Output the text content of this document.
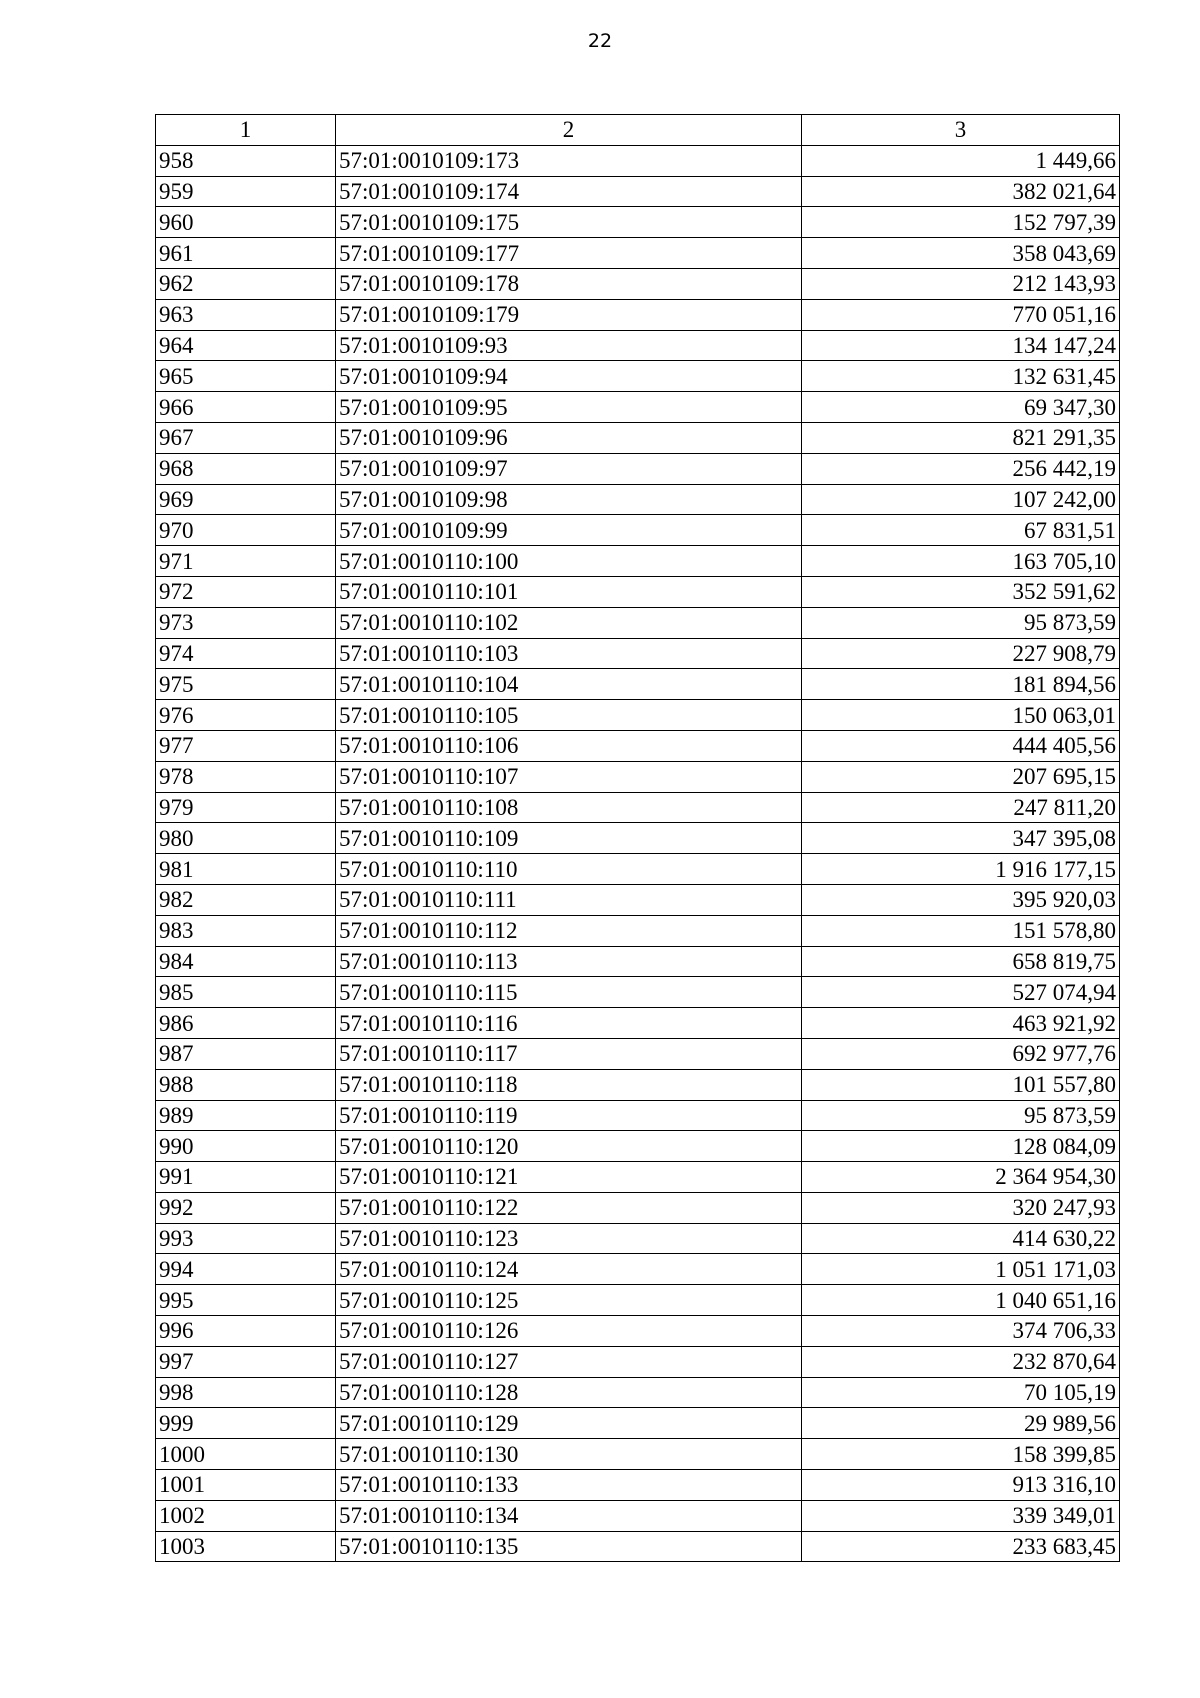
22
1	2	3
958	57:01:0010109:173	1 449,66
959	57:01:0010109:174	382 021,64
960	57:01:0010109:175	152 797,39
961	57:01:0010109:177	358 043,69
962	57:01:0010109:178	212 143,93
963	57:01:0010109:179	770 051,16
964	57:01:0010109:93	134 147,24
965	57:01:0010109:94	132 631,45
966	57:01:0010109:95	69 347,30
967	57:01:0010109:96	821 291,35
968	57:01:0010109:97	256 442,19
969	57:01:0010109:98	107 242,00
970	57:01:0010109:99	67 831,51
971	57:01:0010110:100	163 705,10
972	57:01:0010110:101	352 591,62
973	57:01:0010110:102	95 873,59
974	57:01:0010110:103	227 908,79
975	57:01:0010110:104	181 894,56
976	57:01:0010110:105	150 063,01
977	57:01:0010110:106	444 405,56
978	57:01:0010110:107	207 695,15
979	57:01:0010110:108	247 811,20
980	57:01:0010110:109	347 395,08
981	57:01:0010110:110	1 916 177,15
982	57:01:0010110:111	395 920,03
983	57:01:0010110:112	151 578,80
984	57:01:0010110:113	658 819,75
985	57:01:0010110:115	527 074,94
986	57:01:0010110:116	463 921,92
987	57:01:0010110:117	692 977,76
988	57:01:0010110:118	101 557,80
989	57:01:0010110:119	95 873,59
990	57:01:0010110:120	128 084,09
991	57:01:0010110:121	2 364 954,30
992	57:01:0010110:122	320 247,93
993	57:01:0010110:123	414 630,22
994	57:01:0010110:124	1 051 171,03
995	57:01:0010110:125	1 040 651,16
996	57:01:0010110:126	374 706,33
997	57:01:0010110:127	232 870,64
998	57:01:0010110:128	70 105,19
999	57:01:0010110:129	29 989,56
1000	57:01:0010110:130	158 399,85
1001	57:01:0010110:133	913 316,10
1002	57:01:0010110:134	339 349,01
1003	57:01:0010110:135	233 683,45
